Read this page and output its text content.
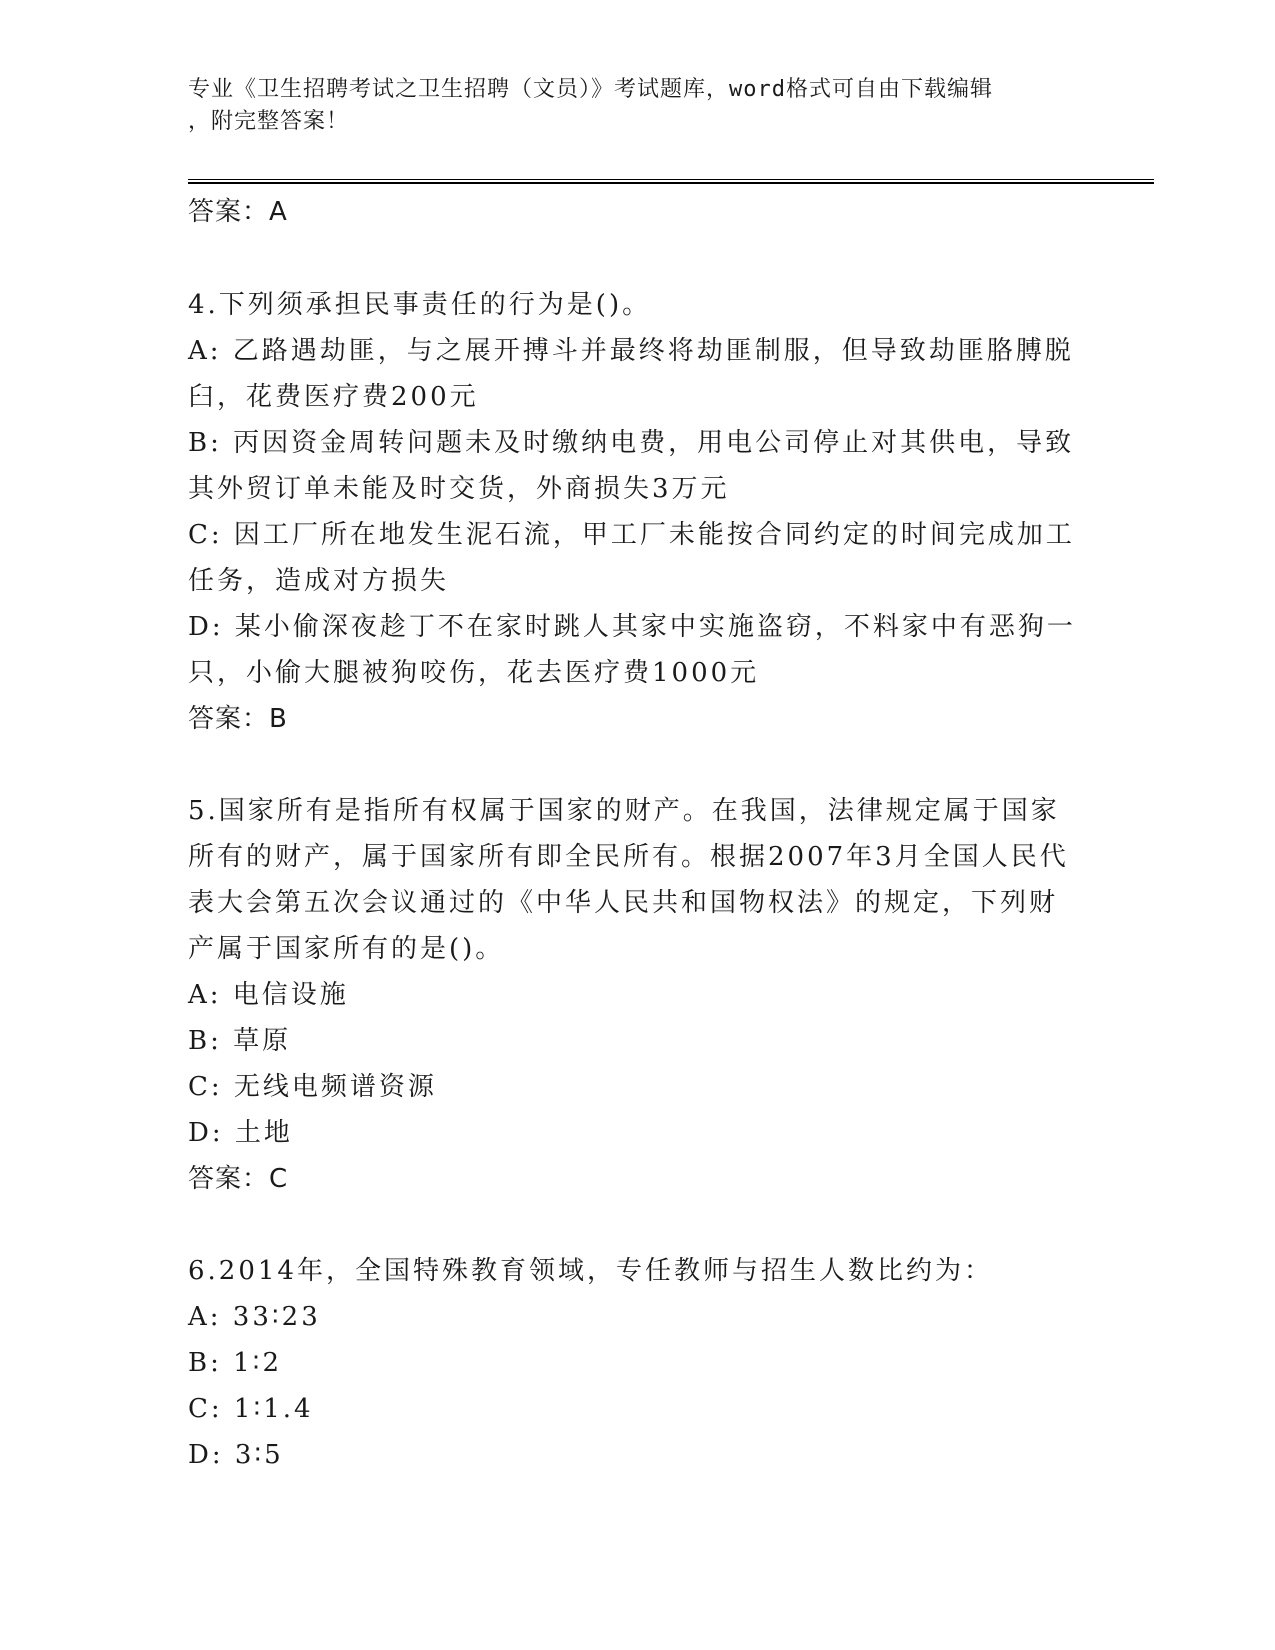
专业《卫生招聘考试之卫生招聘（文员）》考试题库，word格式可自由下载编辑
，附完整答案！
答案：A
4.下列须承担民事责任的行为是()。
A: 乙路遇劫匪，与之展开搏斗并最终将劫匪制服，但导致劫匪胳膊脱
臼，花费医疗费200元
B: 丙因资金周转问题未及时缴纳电费，用电公司停止对其供电，导致
其外贸订单未能及时交货，外商损失3万元
C: 因工厂所在地发生泥石流，甲工厂未能按合同约定的时间完成加工
任务，造成对方损失
D: 某小偷深夜趁丁不在家时跳人其家中实施盗窃，不料家中有恶狗一
只，小偷大腿被狗咬伤，花去医疗费1000元
答案：B
5.国家所有是指所有权属于国家的财产。在我国，法律规定属于国家
所有的财产，属于国家所有即全民所有。根据2007年3月全国人民代
表大会第五次会议通过的《中华人民共和国物权法》的规定，下列财
产属于国家所有的是()。
A: 电信设施
B: 草原
C: 无线电频谱资源
D: 土地
答案：C
6.2014年，全国特殊教育领域，专任教师与招生人数比约为：
A: 33∶23
B: 1∶2
C: 1∶1.4
D: 3∶5
